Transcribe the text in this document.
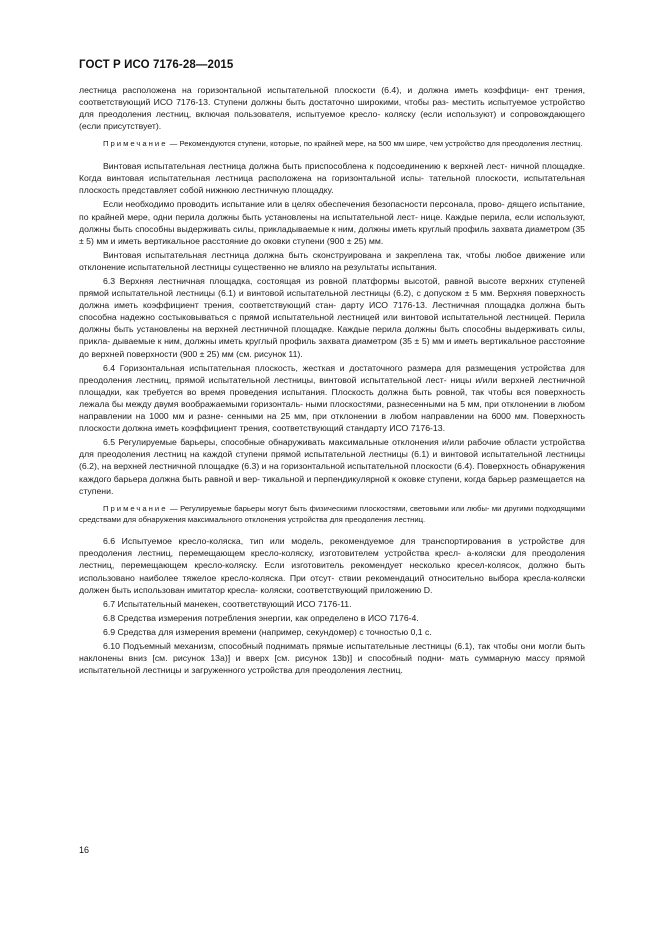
ГОСТ Р ИСО 7176-28—2015

лестница расположена на горизонтальной испытательной плоскости (6.4), и должна иметь коэффици- ент трения, соответствующий ИСО 7176-13. Ступени должны быть достаточно широкими, чтобы раз- местить испытуемое устройство для преодоления лестниц, включая пользователя, испытуемое кресло- коляску (если используют) и сопровождающего (если присутствует).

Примечание — Рекомендуются ступени, которые, по крайней мере, на 500 мм шире, чем устройство для преодоления лестниц.

Винтовая испытательная лестница должна быть приспособлена к подсоединению к верхней лест- ничной площадке. Когда винтовая испытательная лестница расположена на горизонтальной испы- тательной плоскости, испытательная плоскость представляет собой нижнюю лестничную площадку.

Если необходимо проводить испытание или в целях обеспечения безопасности персонала, прово- дящего испытание, по крайней мере, одни перила должны быть установлены на испытательной лест- нице. Каждые перила, если используют, должны быть способны выдерживать силы, прикладываемые к ним, должны иметь круглый профиль захвата диаметром (35 ± 5) мм и иметь вертикальное расстояние до оковки ступени (900 ± 25) мм.

Винтовая испытательная лестница должна быть сконструирована и закреплена так, чтобы любое движение или отклонение испытательной лестницы существенно не влияло на результаты испытания.

6.3 Верхняя лестничная площадка, состоящая из ровной платформы высотой, равной высоте верхних ступеней прямой испытательной лестницы (6.1) и винтовой испытательной лестницы (6.2), с допуском ± 5 мм. Верхняя поверхность должна иметь коэффициент трения, соответствующий стан- дарту ИСО 7176-13. Лестничная площадка должна быть способна надежно состыковываться с прямой испытательной лестницей или винтовой испытательной лестницей. Перила должны быть установлены на верхней лестничной площадке. Каждые перила должны быть способны выдерживать силы, прикла- дываемые к ним, должны иметь круглый профиль захвата диаметром (35 ± 5) мм и иметь вертикальное расстояние до верхней поверхности (900 ± 25) мм (см. рисунок 11).

6.4 Горизонтальная испытательная плоскость, жесткая и достаточного размера для размещения устройства для преодоления лестниц, прямой испытательной лестницы, винтовой испытательной лест- ницы и/или верхней лестничной площадки, как требуется во время проведения испытания. Плоскость должна быть ровной, так чтобы вся поверхность лежала бы между двумя воображаемыми горизонталь- ными плоскостями, разнесенными на 5 мм, при отклонении в любом направлении на 1000 мм и разне- сенными на 25 мм, при отклонении в любом направлении на 6000 мм. Поверхность плоскости должна иметь коэффициент трения, соответствующий стандарту ИСО 7176-13.

6.5 Регулируемые барьеры, способные обнаруживать максимальные отклонения и/или рабочие области устройства для преодоления лестниц на каждой ступени прямой испытательной лестницы (6.1) и винтовой испытательной лестницы (6.2), на верхней лестничной площадке (6.3) и на горизонтальной испытательной плоскости (6.4). Поверхность обнаружения каждого барьера должна быть равной и вер- тикальной и перпендикулярной к оковке ступени, когда барьер размещается на ступени.

Примечание — Регулируемые барьеры могут быть физическими плоскостями, световыми или любы- ми другими подходящими средствами для обнаружения максимального отклонения устройства для преодоления лестниц.

6.6 Испытуемое кресло-коляска, тип или модель, рекомендуемое для транспортирования в устройстве для преодоления лестниц, перемещающем кресло-коляску, изготовителем устройства кресл- а-коляски для преодоления лестниц, перемещающем кресло-коляску. Если изготовитель рекомендует несколько кресел-колясок, должно быть использовано наиболее тяжелое кресло-коляска. При отсут- ствии рекомендаций относительно выбора кресла-коляски должен быть использован имитатор кресла- коляски, соответствующий приложению D.

6.7 Испытательный манекен, соответствующий ИСО 7176-11.

6.8 Средства измерения потребления энергии, как определено в ИСО 7176-4.

6.9 Средства для измерения времени (например, секундомер) с точностью 0,1 с.

6.10 Подъемный механизм, способный поднимать прямые испытательные лестницы (6.1), так чтобы они могли быть наклонены вниз [см. рисунок 13а)] и вверх [см. рисунок 13b)] и способный подни- мать суммарную массу прямой испытательной лестницы и загруженного устройства для преодоления лестниц.

16
